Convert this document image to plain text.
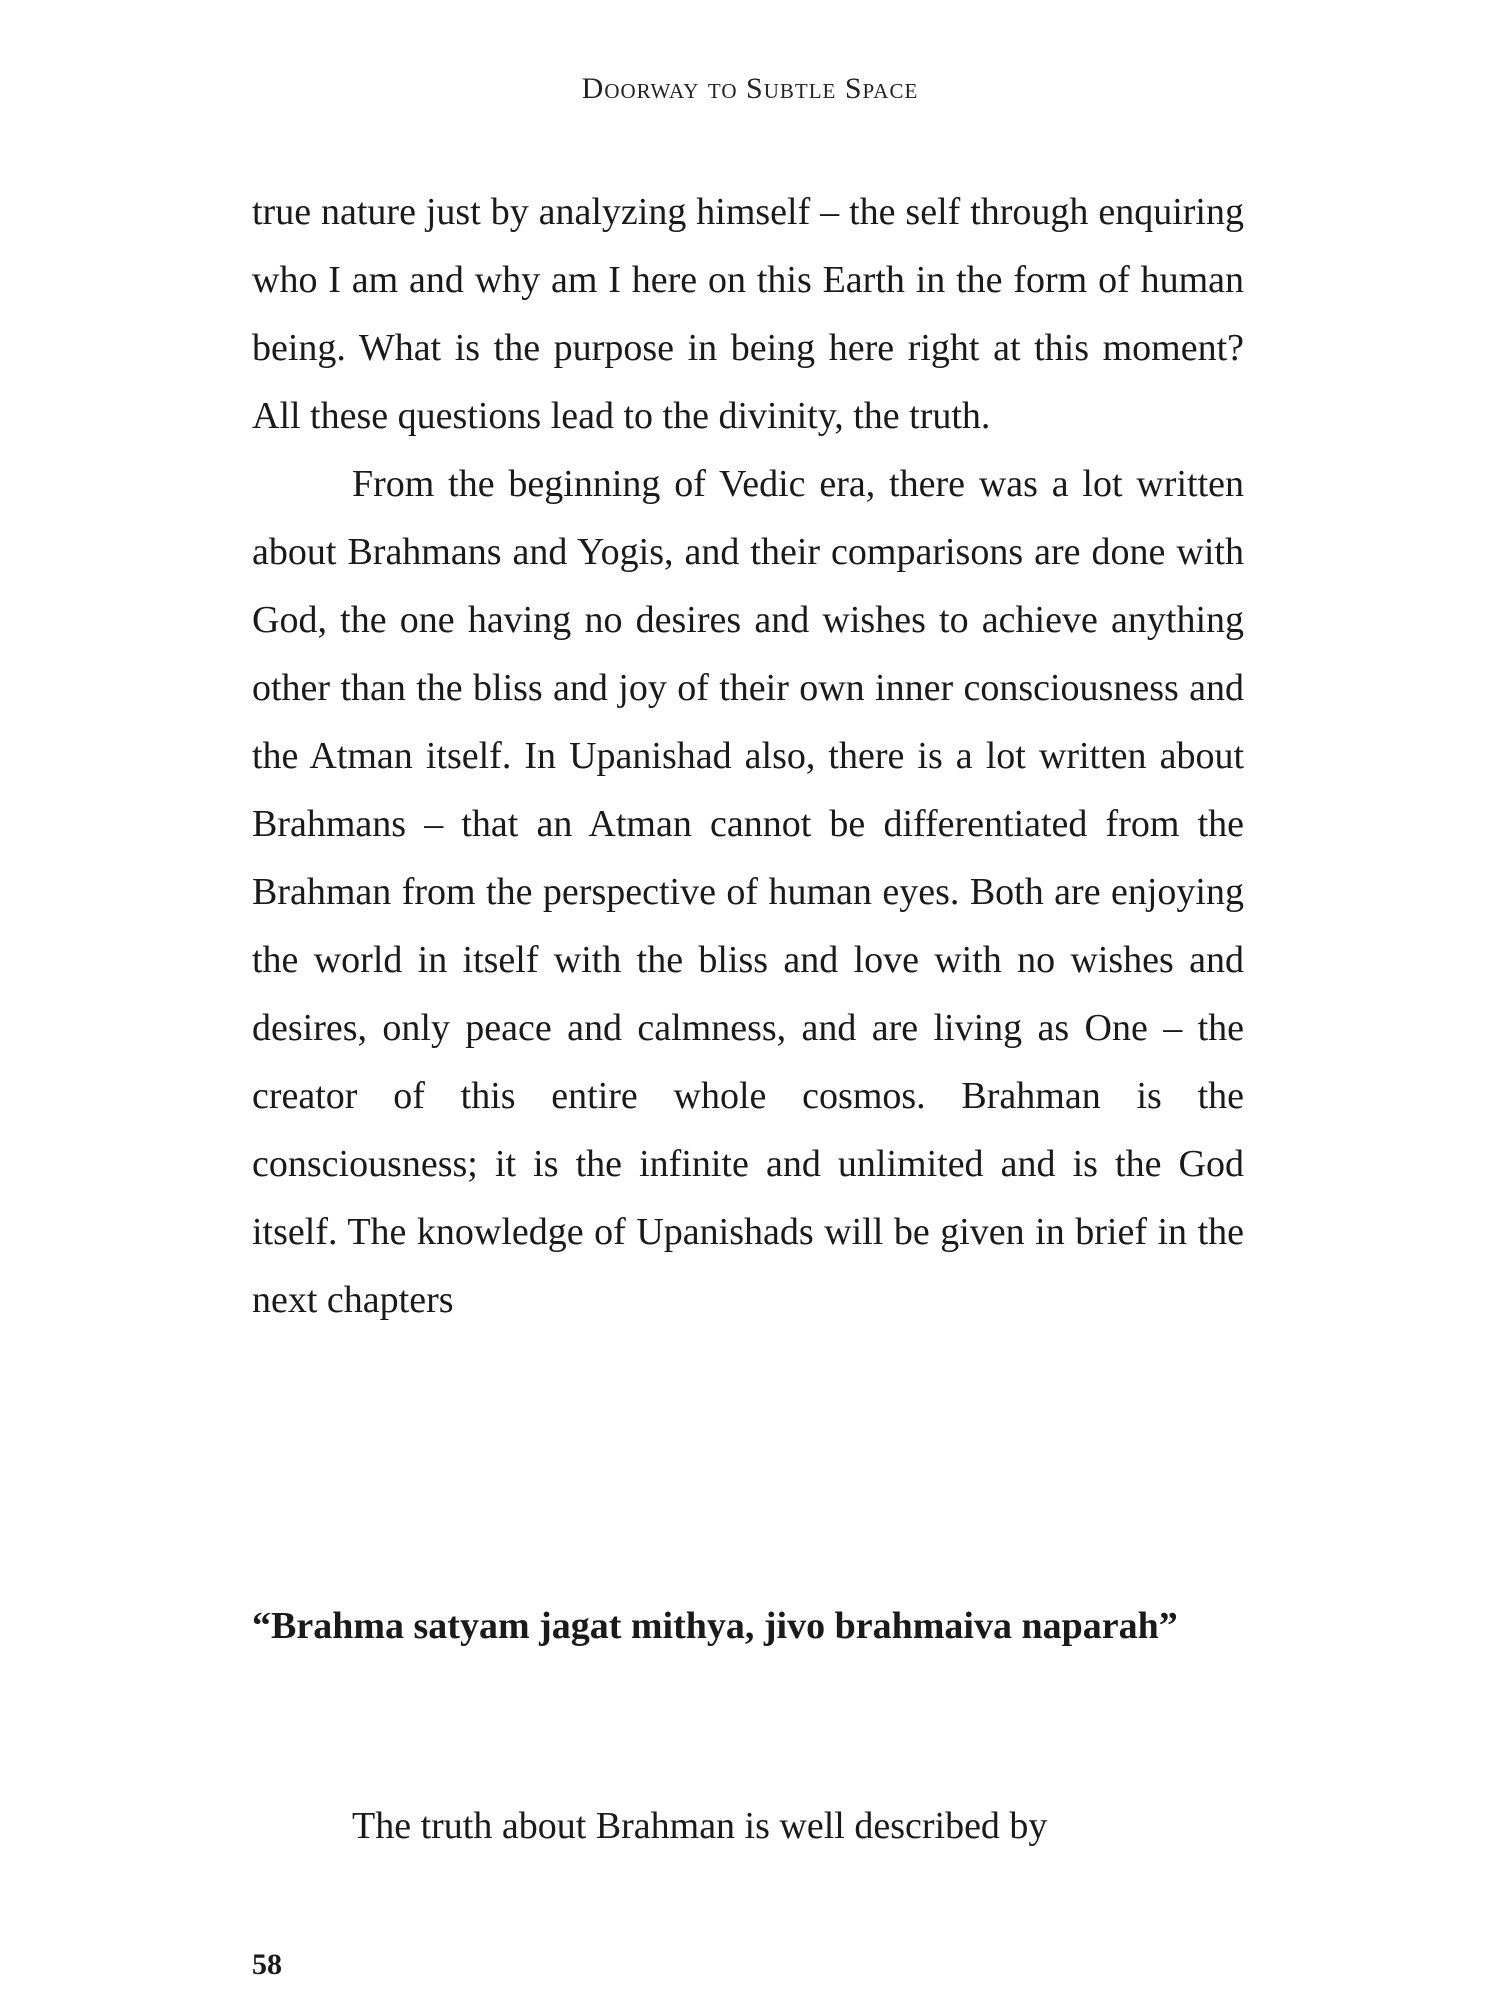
Doorway to Subtle Space

true nature just by analyzing himself – the self through enquiring who I am and why am I here on this Earth in the form of human being. What is the purpose in being here right at this moment? All these questions lead to the divinity, the truth.

From the beginning of Vedic era, there was a lot written about Brahmans and Yogis, and their comparisons are done with God, the one having no desires and wishes to achieve anything other than the bliss and joy of their own inner consciousness and the Atman itself. In Upanishad also, there is a lot written about Brahmans – that an Atman cannot be differentiated from the Brahman from the perspective of human eyes. Both are enjoying the world in itself with the bliss and love with no wishes and desires, only peace and calmness, and are living as One – the creator of this entire whole cosmos. Brahman is the consciousness; it is the infinite and unlimited and is the God itself. The knowledge of Upanishads will be given in brief in the next chapters

“Brahma satyam jagat mithya, jivo brahmaiva naparah”

The truth about Brahman is well described by

58
